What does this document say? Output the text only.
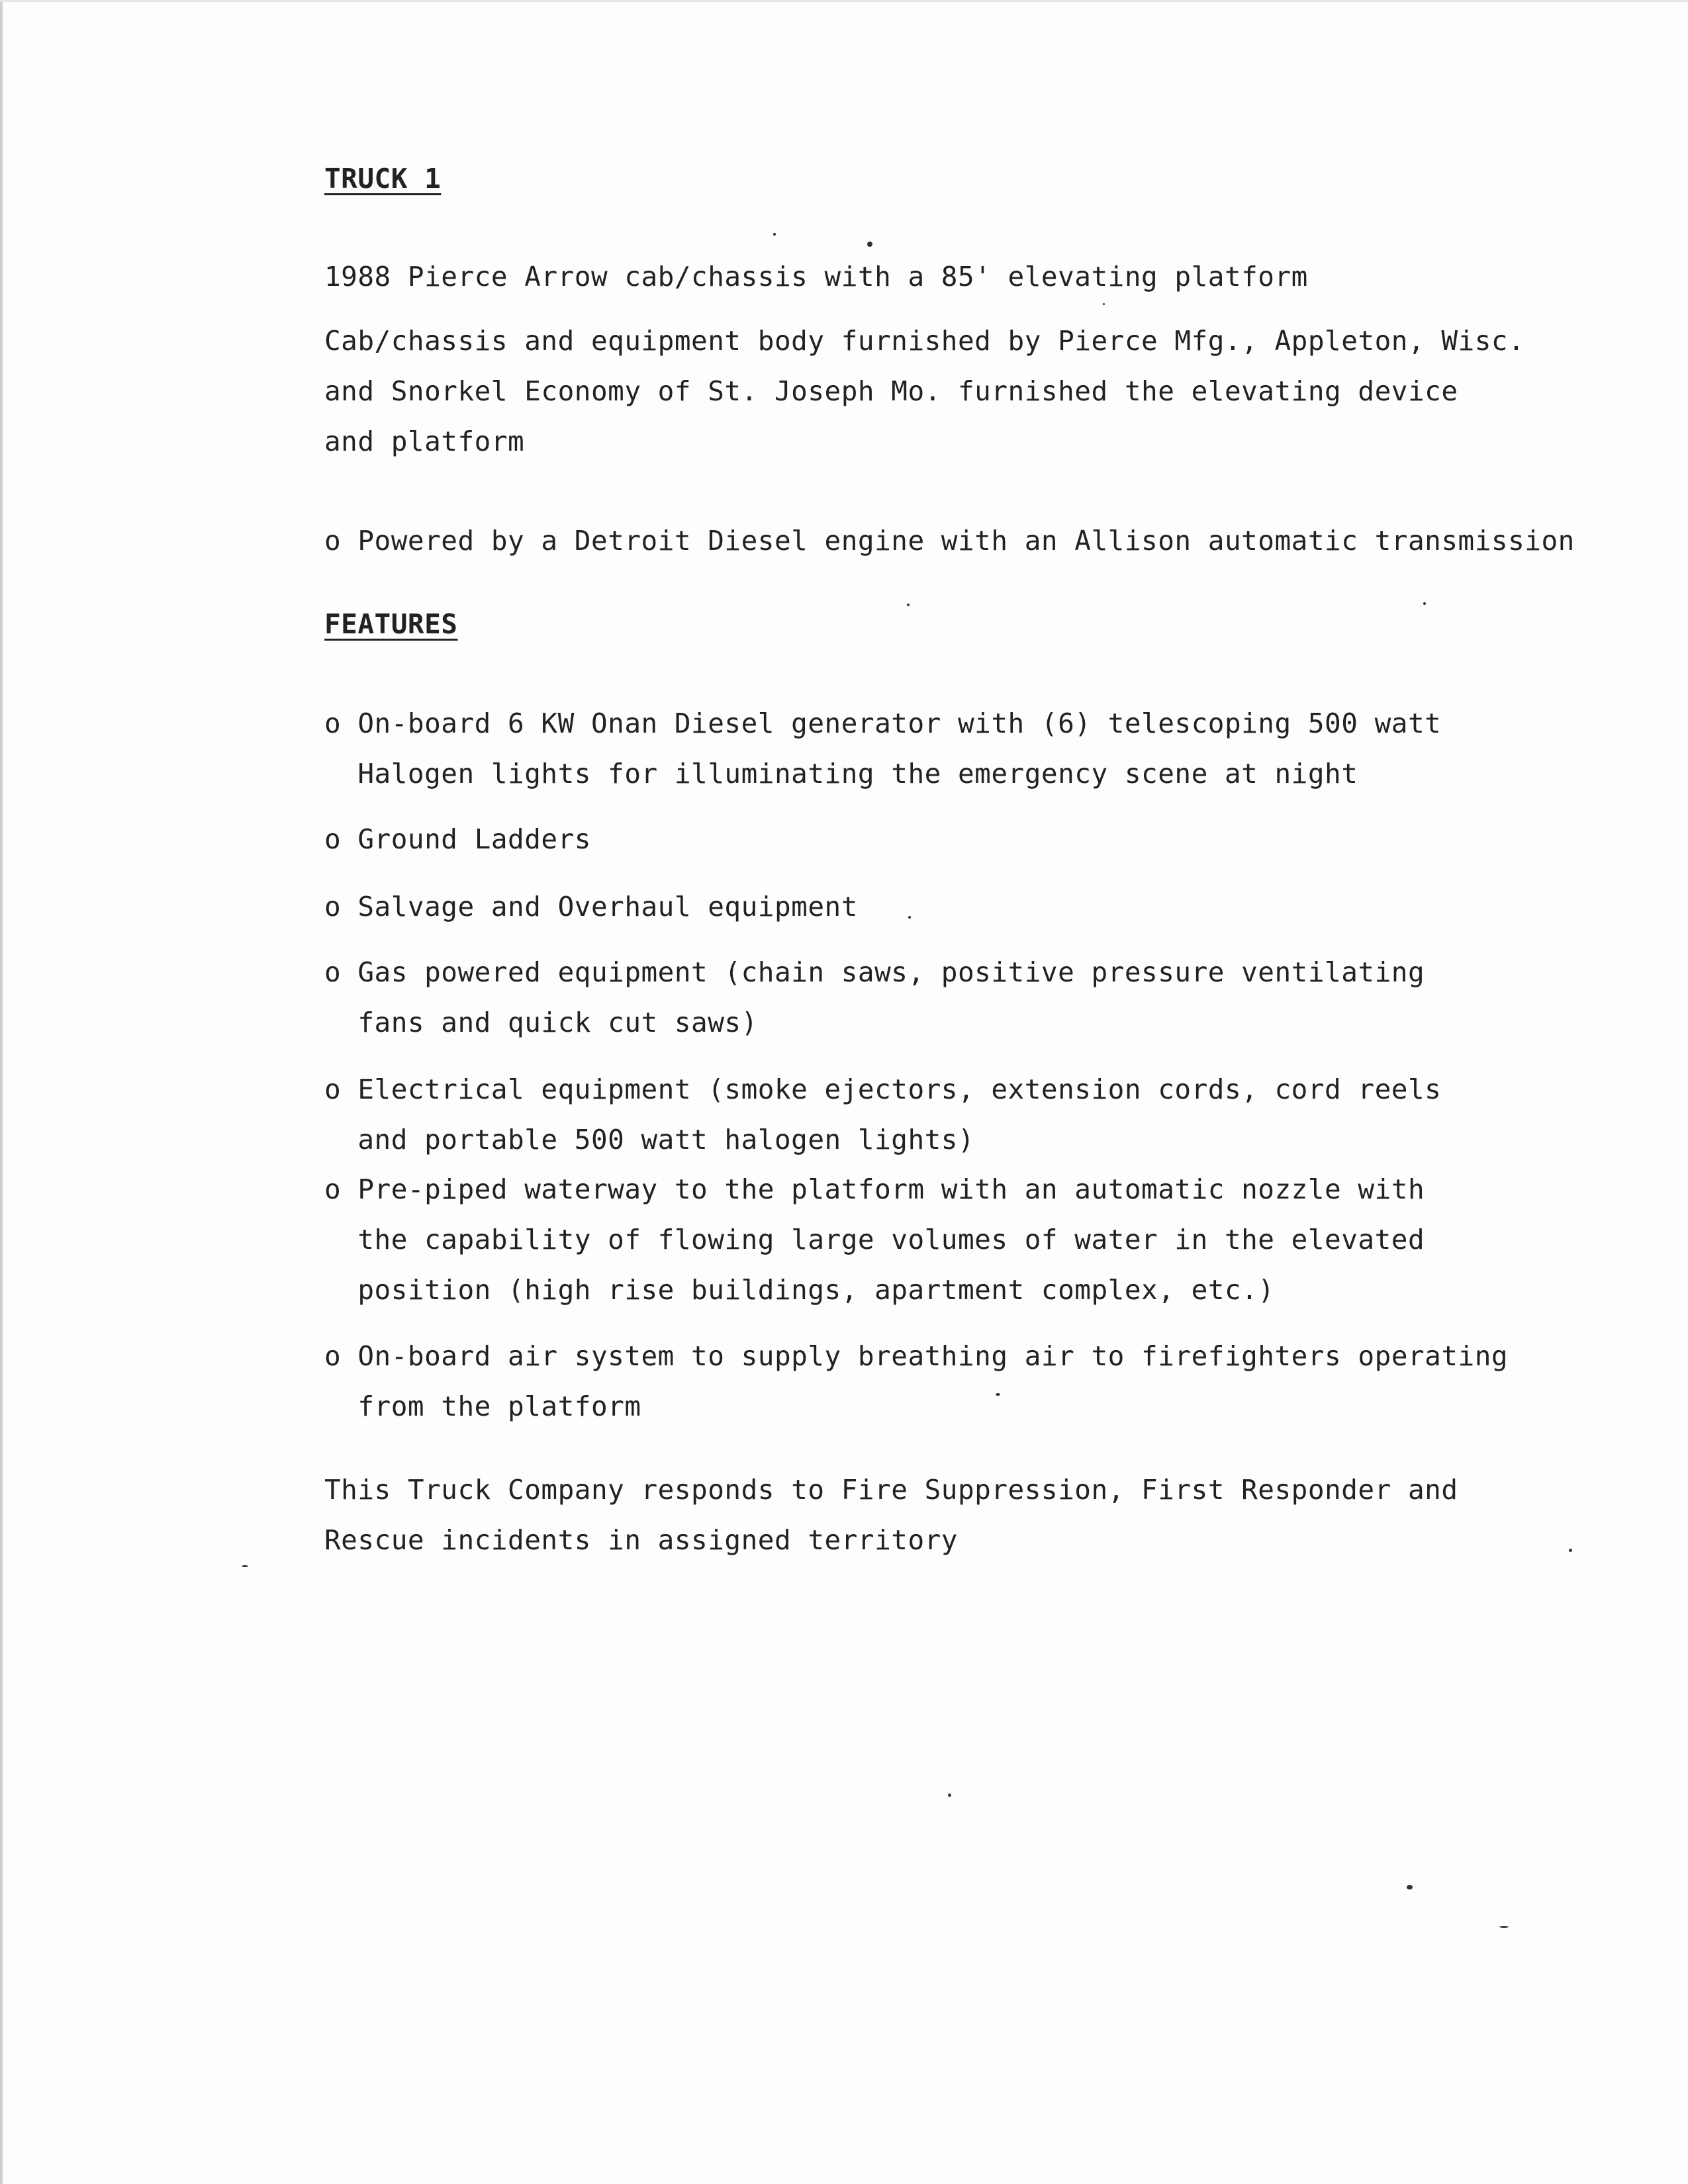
TRUCK 1
1988 Pierce Arrow cab/chassis with a 85' elevating platform
Cab/chassis and equipment body furnished by Pierce Mfg., Appleton, Wisc.
and Snorkel Economy of St. Joseph Mo. furnished the elevating device
and platform
o Powered by a Detroit Diesel engine with an Allison automatic transmission
FEATURES
o On-board 6 KW Onan Diesel generator with (6) telescoping 500 watt
Halogen lights for illuminating the emergency scene at night
o Ground Ladders
o Salvage and Overhaul equipment
o Gas powered equipment (chain saws, positive pressure ventilating
fans and quick cut saws)
o Electrical equipment (smoke ejectors, extension cords, cord reels
and portable 500 watt halogen lights)
o Pre-piped waterway to the platform with an automatic nozzle with
the capability of flowing large volumes of water in the elevated
position (high rise buildings, apartment complex, etc.)
o On-board air system to supply breathing air to firefighters operating
from the platform
This Truck Company responds to Fire Suppression, First Responder and
Rescue incidents in assigned territory
